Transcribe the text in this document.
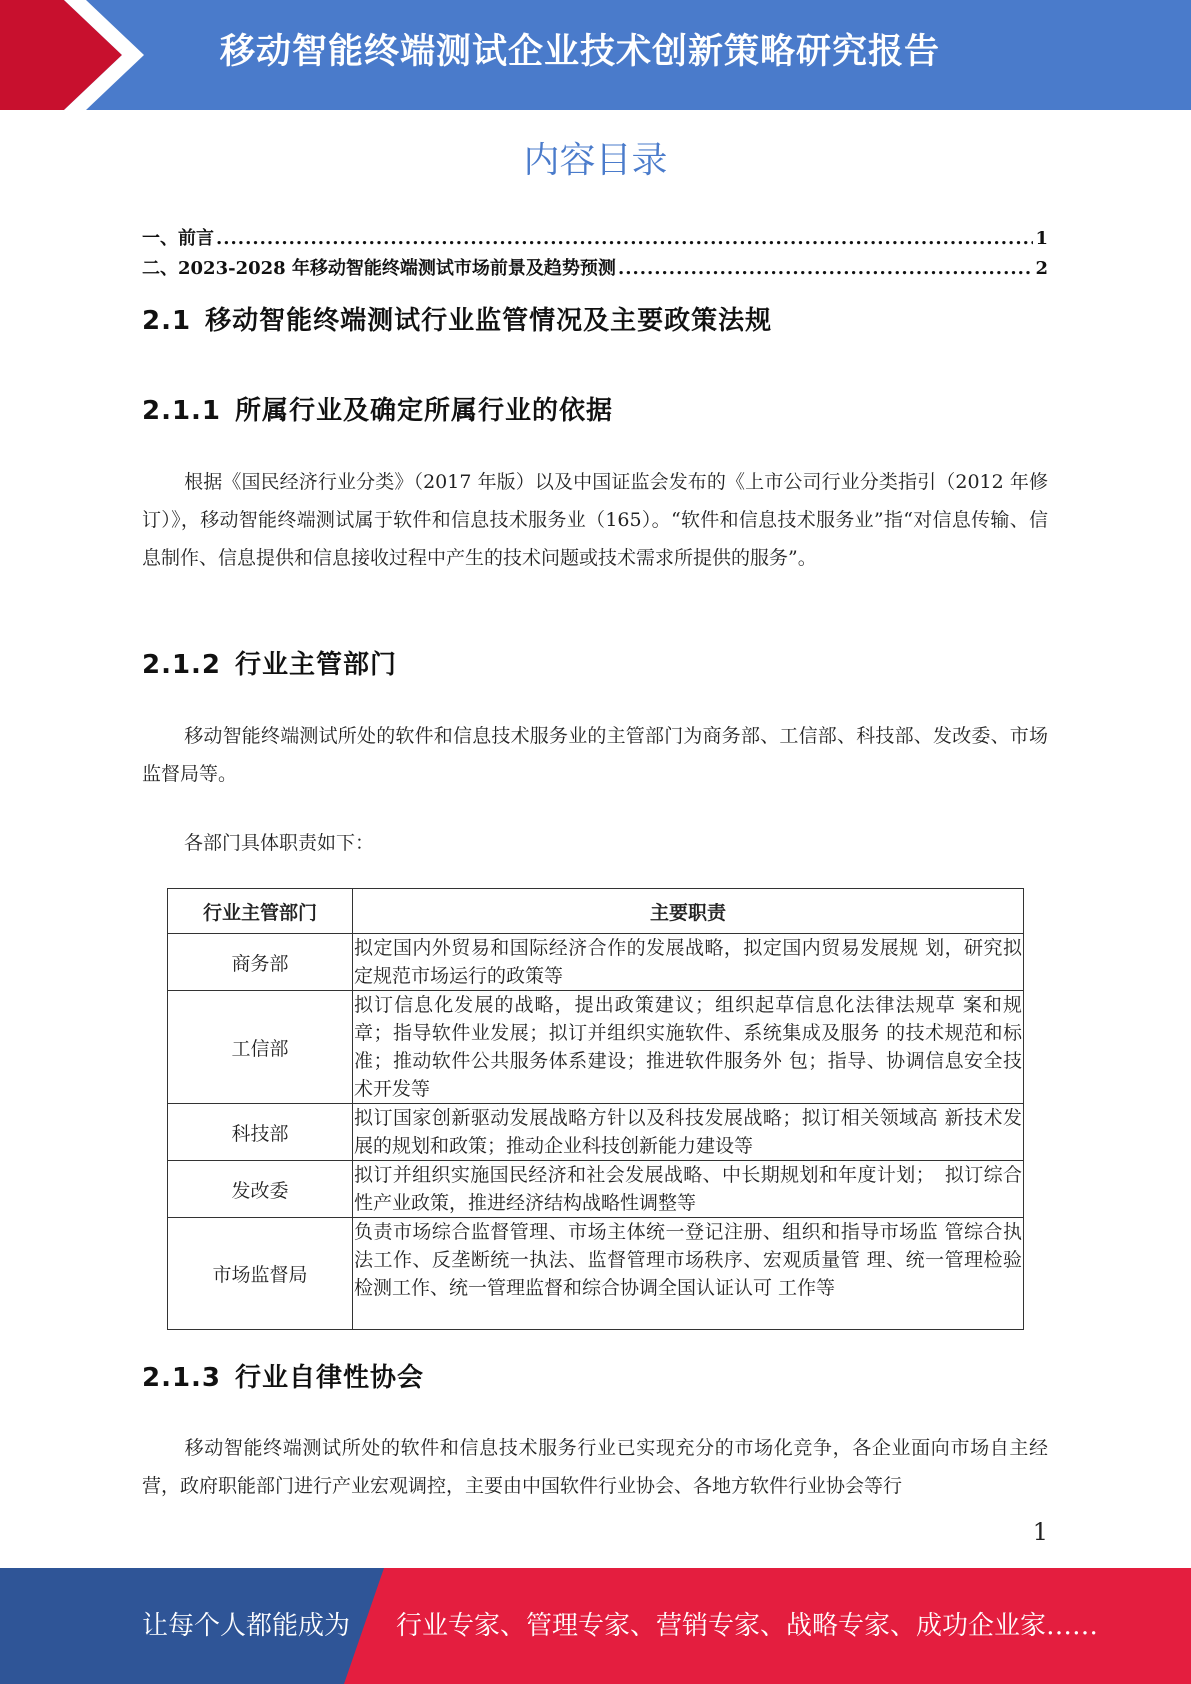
移动智能终端测试企业技术创新策略研究报告
内容目录
一、前言 .....	1
二、2023-2028 年移动智能终端测试市场前景及趋势预测 .....	2
2.1 移动智能终端测试行业监管情况及主要政策法规
2.1.1 所属行业及确定所属行业的依据
根据《国民经济行业分类》（2017 年版）以及中国证监会发布的《上市公司行业分类指引（2012 年修订）》，移动智能终端测试属于软件和信息技术服务业（165）。“软件和信息技术服务业”指“对信息传输、信息制作、信息提供和信息接收过程中产生的技术问题或技术需求所提供的服务”。
2.1.2 行业主管部门
移动智能终端测试所处的软件和信息技术服务业的主管部门为商务部、工信部、科技部、发改委、市场监督局等。
各部门具体职责如下：
行业主管部门	主要职责
商务部	拟定国内外贸易和国际经济合作的发展战略，拟定国内贸易发展规 划，研究拟定规范市场运行的政策等
工信部	拟订信息化发展的战略，提出政策建议；组织起草信息化法律法规草 案和规章；指导软件业发展；拟订并组织实施软件、系统集成及服务 的技术规范和标准；推动软件公共服务体系建设；推进软件服务外 包；指导、协调信息安全技术开发等
科技部	拟订国家创新驱动发展战略方针以及科技发展战略；拟订相关领域高 新技术发展的规划和政策；推动企业科技创新能力建设等
发改委	拟订并组织实施国民经济和社会发展战略、中长期规划和年度计划；　拟订综合性产业政策，推进经济结构战略性调整等
市场监督局	负责市场综合监督管理、市场主体统一登记注册、组织和指导市场监 管综合执法工作、反垄断统一执法、监督管理市场秩序、宏观质量管 理、统一管理检验检测工作、统一管理监督和综合协调全国认证认可 工作等
2.1.3 行业自律性协会
移动智能终端测试所处的软件和信息技术服务行业已实现充分的市场化竞争，各企业面向市场自主经营，政府职能部门进行产业宏观调控，主要由中国软件行业协会、各地方软件行业协会等行
1
让每个人都能成为 行业专家、管理专家、营销专家、战略专家、成功企业家……
